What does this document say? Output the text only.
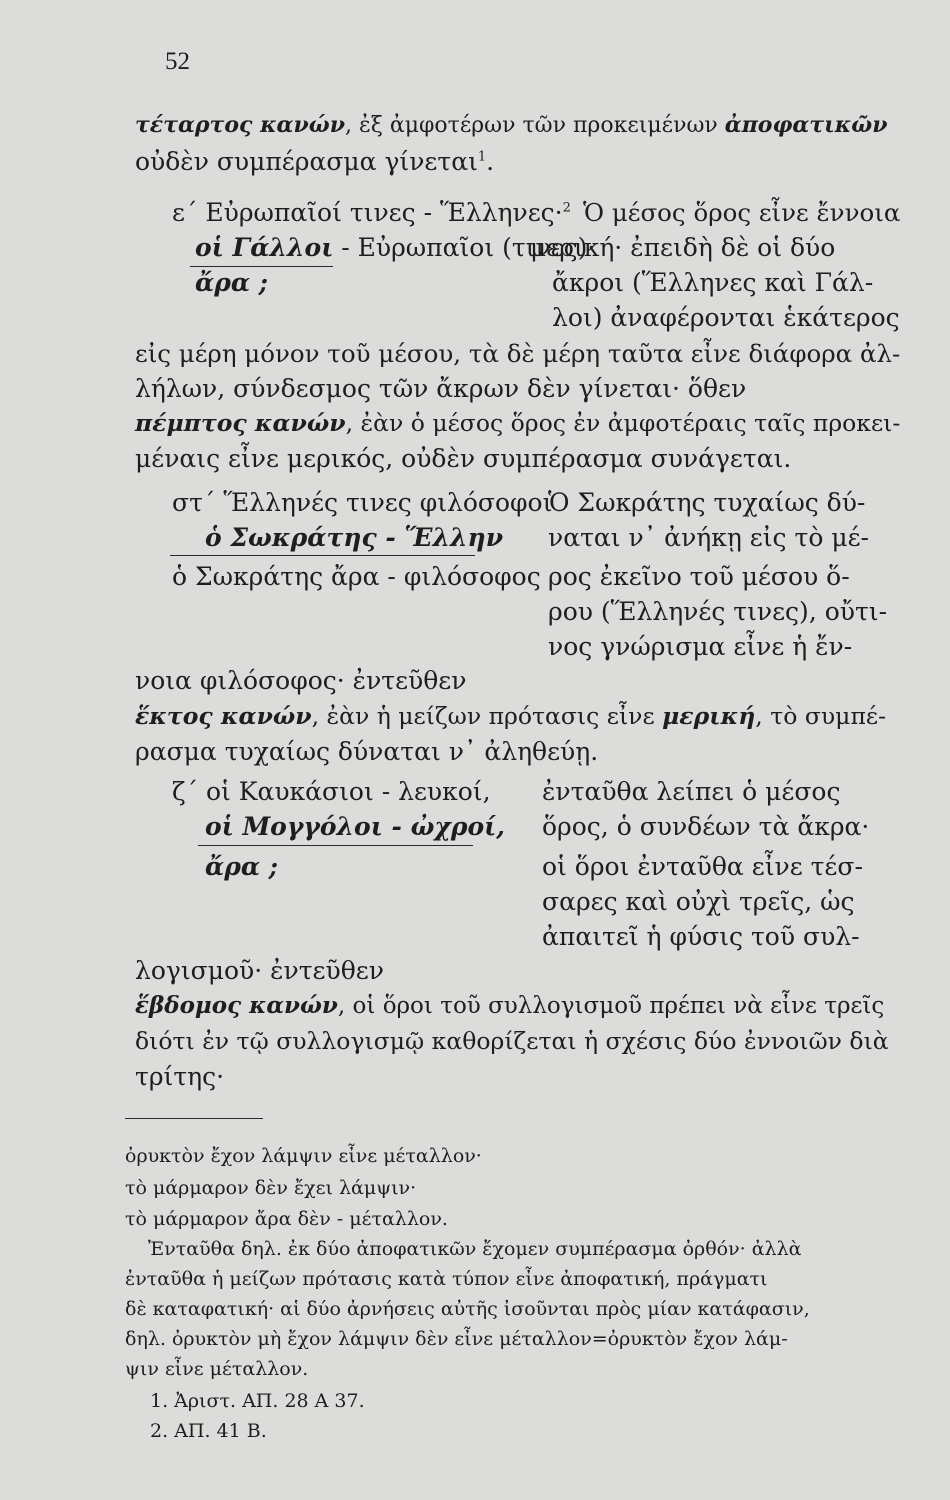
52
τέταρτος κανών, ἐξ ἀμφοτέρων τῶν προκειμένων ἀποφατικῶν
οὐδὲν συμπέρασμα γίνεται$^1$.
ε΄ Εὐρωπαῖοί τινες - Ἕλληνες·$^2$
οἱ Γάλλοι - Εὐρωπαῖοι (τινες)·
ἄρα ;
Ὁ μέσος ὅρος εἶνε ἔννοια
μερική· ἐπειδὴ δὲ οἱ δύο
ἄκροι (Ἕλληνες καὶ Γάλ-
λοι) ἀναφέρονται ἑκάτερος
εἰς μέρη μόνον τοῦ μέσου, τὰ δὲ μέρη ταῦτα εἶνε διάφορα ἀλ-
λήλων, σύνδεσμος τῶν ἄκρων δὲν γίνεται· ὅθεν
πέμπτος κανών, ἐὰν ὁ μέσος ὅρος ἐν ἀμφοτέραις ταῖς προκει-
μέναις εἶνε μερικός, οὐδὲν συμπέρασμα συνάγεται.
στ΄ Ἕλληνές τινες φιλόσοφοι
ὁ Σωκράτης - Ἕλλην
ὁ Σωκράτης ἄρα - φιλόσοφος
Ὁ Σωκράτης τυχαίως δύ-
ναται ν᾽ ἀνήκῃ εἰς τὸ μέ-
ρος ἐκεῖνο τοῦ μέσου ὅ-
ρου (Ἕλληνές τινες), οὔτι-
νος γνώρισμα εἶνε ἡ ἔν-
νοια φιλόσοφος· ἐντεῦθεν
ἕκτος κανών, ἐὰν ἡ μείζων πρότασις εἶνε μερική, τὸ συμπέ-
ρασμα τυχαίως δύναται ν᾽ ἀληθεύῃ.
ζ΄ οἱ Καυκάσιοι - λευκοί,
οἱ Μογγόλοι - ὠχροί,
ἄρα ;
ἐνταῦθα λείπει ὁ μέσος
ὅρος, ὁ συνδέων τὰ ἄκρα·
οἱ ὅροι ἐνταῦθα εἶνε τέσ-
σαρες καὶ οὐχὶ τρεῖς, ὡς
ἀπαιτεῖ ἡ φύσις τοῦ συλ-
λογισμοῦ· ἐντεῦθεν
ἕβδομος κανών, οἱ ὅροι τοῦ συλλογισμοῦ πρέπει νὰ εἶνε τρεῖς
διότι ἐν τῷ συλλογισμῷ καθορίζεται ἡ σχέσις δύο ἐννοιῶν διὰ
τρίτης·
ὀρυκτὸν ἔχον λάμψιν εἶνε μέταλλον·
τὸ μάρμαρον δὲν ἔχει λάμψιν·
τὸ μάρμαρον ἄρα δὲν - μέταλλον.
Ἐνταῦθα δηλ. ἐκ δύο ἀποφατικῶν ἔχομεν συμπέρασμα ὀρθόν· ἀλλὰ
ἐνταῦθα ἡ μείζων πρότασις κατὰ τύπον εἶνε ἀποφατική, πράγματι
δὲ καταφατική· αἱ δύο ἀρνήσεις αὐτῆς ἰσοῦνται πρὸς μίαν κατάφασιν,
δηλ. ὀρυκτὸν μὴ ἔχον λάμψιν δὲν εἶνε μέταλλον=ὀρυκτὸν ἔχον λάμ-
ψιν εἶνε μέταλλον.
1. Ἀριστ. ΑΠ. 28 Α 37.
2. ΑΠ. 41 Β.
